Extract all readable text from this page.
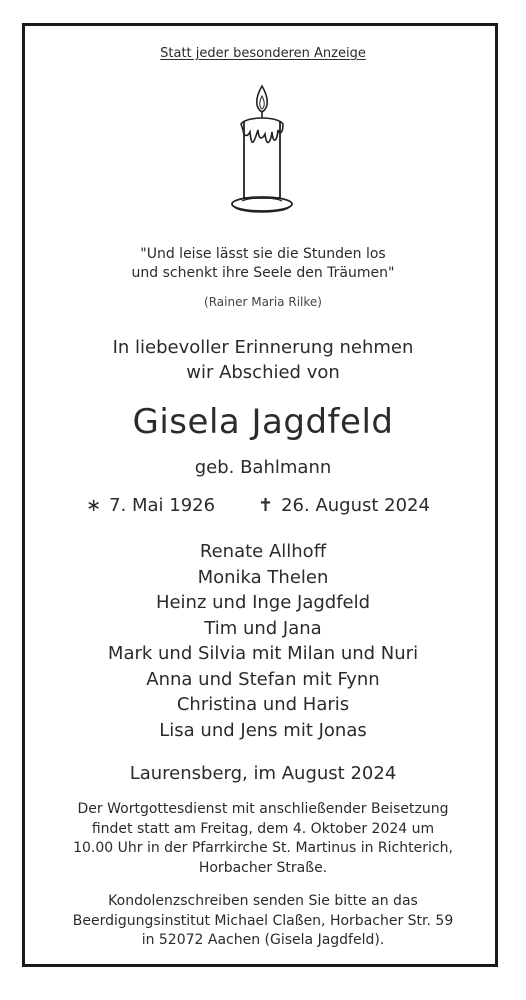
Statt jeder besonderen Anzeige
"Und leise lässt sie die Stunden los
und schenkt ihre Seele den Träumen"
(Rainer Maria Rilke)
In liebevoller Erinnerung nehmen
wir Abschied von
Gisela Jagdfeld
geb. Bahlmann
∗ 7. Mai 1926 ✝ 26. August 2024
Renate Allhoff
Monika Thelen
Heinz und Inge Jagdfeld
Tim und Jana
Mark und Silvia mit Milan und Nuri
Anna und Stefan mit Fynn
Christina und Haris
Lisa und Jens mit Jonas
Laurensberg, im August 2024
Der Wortgottesdienst mit anschließender Beisetzung
findet statt am Freitag, dem 4. Oktober 2024 um
10.00 Uhr in der Pfarrkirche St. Martinus in Richterich,
Horbacher Straße.
Kondolenzschreiben senden Sie bitte an das
Beerdigungsinstitut Michael Claßen, Horbacher Str. 59
in 52072 Aachen (Gisela Jagdfeld).
